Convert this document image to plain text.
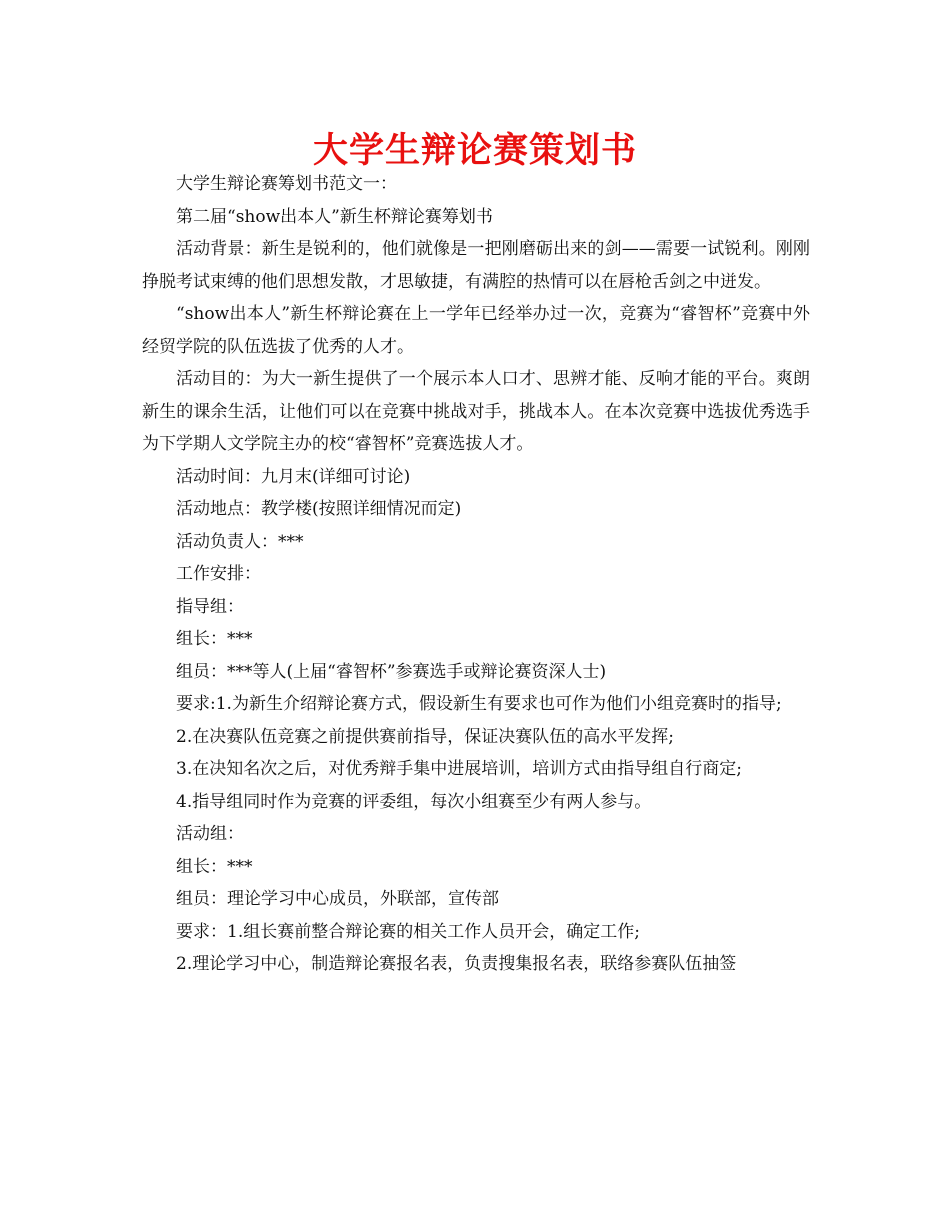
大学生辩论赛策划书

大学生辩论赛筹划书范文一：

第二届“show出本人”新生杯辩论赛筹划书

活动背景：新生是锐利的，他们就像是一把刚磨砺出来的剑——需要一试锐利。刚刚挣脱考试束缚的他们思想发散，才思敏捷，有满腔的热情可以在唇枪舌剑之中迸发。

“show出本人”新生杯辩论赛在上一学年已经举办过一次，竞赛为“睿智杯”竞赛中外经贸学院的队伍选拔了优秀的人才。

活动目的：为大一新生提供了一个展示本人口才、思辨才能、反响才能的平台。爽朗新生的课余生活，让他们可以在竞赛中挑战对手，挑战本人。在本次竞赛中选拔优秀选手为下学期人文学院主办的校“睿智杯”竞赛选拔人才。

活动时间：九月末(详细可讨论)

活动地点：教学楼(按照详细情况而定)

活动负责人：***

工作安排：

指导组：

组长：***

组员：***等人(上届“睿智杯”参赛选手或辩论赛资深人士)

要求:1.为新生介绍辩论赛方式，假设新生有要求也可作为他们小组竞赛时的指导;

2.在决赛队伍竞赛之前提供赛前指导，保证决赛队伍的高水平发挥;

3.在决知名次之后，对优秀辩手集中进展培训，培训方式由指导组自行商定;

4.指导组同时作为竞赛的评委组，每次小组赛至少有两人参与。

活动组：

组长：***

组员：理论学习中心成员，外联部，宣传部

要求：1.组长赛前整合辩论赛的相关工作人员开会，确定工作;

2.理论学习中心，制造辩论赛报名表，负责搜集报名表，联络参赛队伍抽签
